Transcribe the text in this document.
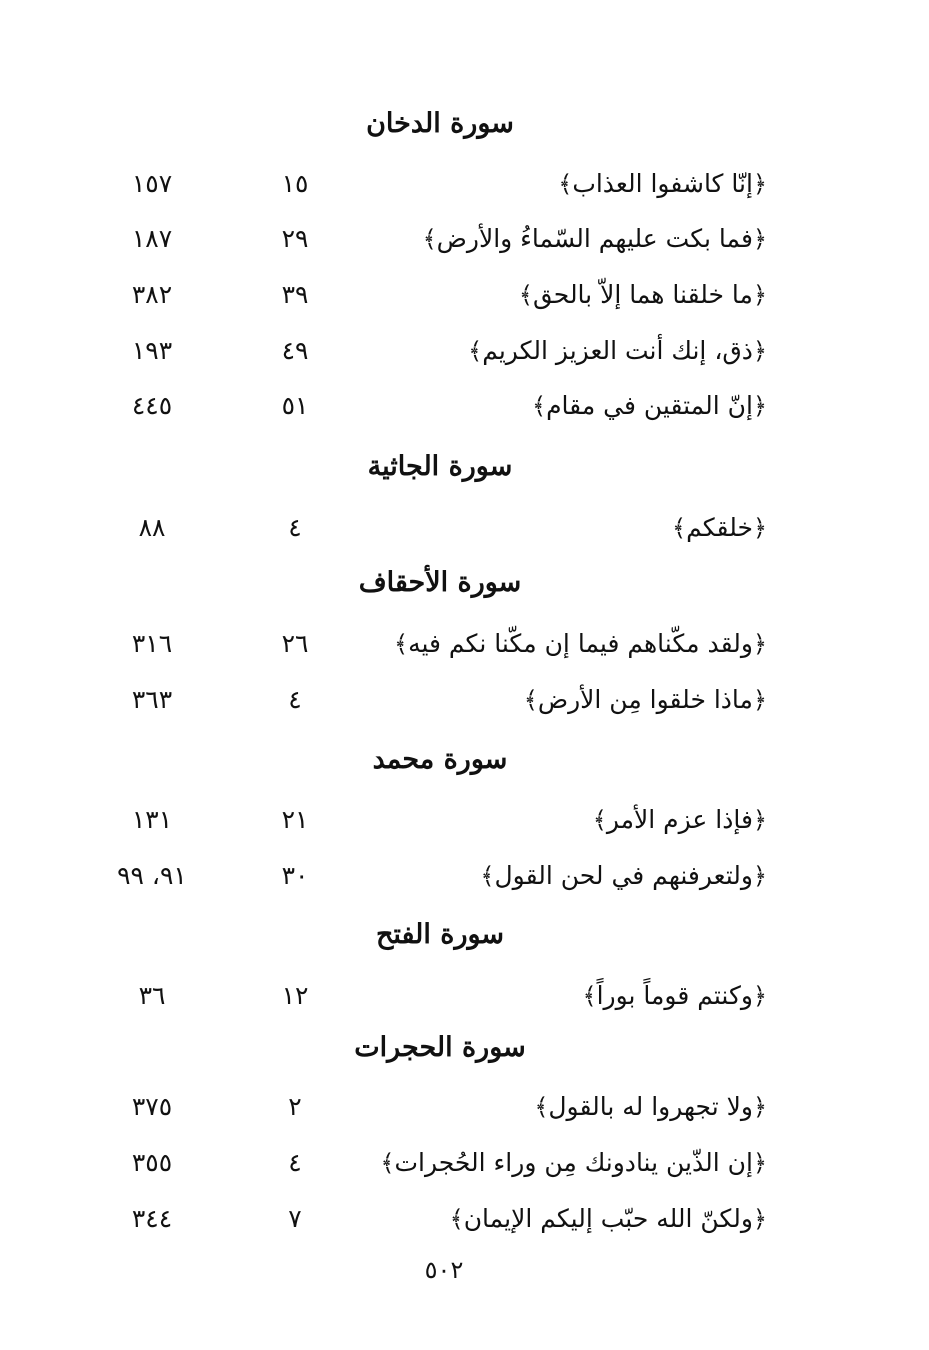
سورة الدخان
﴿إنّا كاشفوا العذاب﴾
١٥
١٥٧
﴿فما بكت عليهم السّماءُ والأرض﴾
٢٩
١٨٧
﴿ما خلقنا هما إلاّ بالحق﴾
٣٩
٣٨٢
﴿ذق، إنك أنت العزيز الكريم﴾
٤٩
١٩٣
﴿إنّ المتقين في مقام﴾
٥١
٤٤٥
سورة الجاثية
﴿خلقكم﴾
٤
٨٨
سورة الأحقاف
﴿ولقد مكّناهم فيما إن مكّنا نكم فيه﴾
٢٦
٣١٦
﴿ماذا خلقوا مِن الأرض﴾
٤
٣٦٣
سورة محمد
﴿فإذا عزم الأمر﴾
٢١
١٣١
﴿ولتعرفنهم في لحن القول﴾
٣٠
٩١، ٩٩
سورة الفتح
﴿وكنتم قوماً بوراً﴾
١٢
٣٦
سورة الحجرات
﴿ولا تجهروا له بالقول﴾
٢
٣٧٥
﴿إن الذّين ينادونك مِن وراء الحُجرات﴾
٤
٣٥٥
﴿ولكنّ الله حبّب إليكم الإيمان﴾
٧
٣٤٤
٥٠٢
